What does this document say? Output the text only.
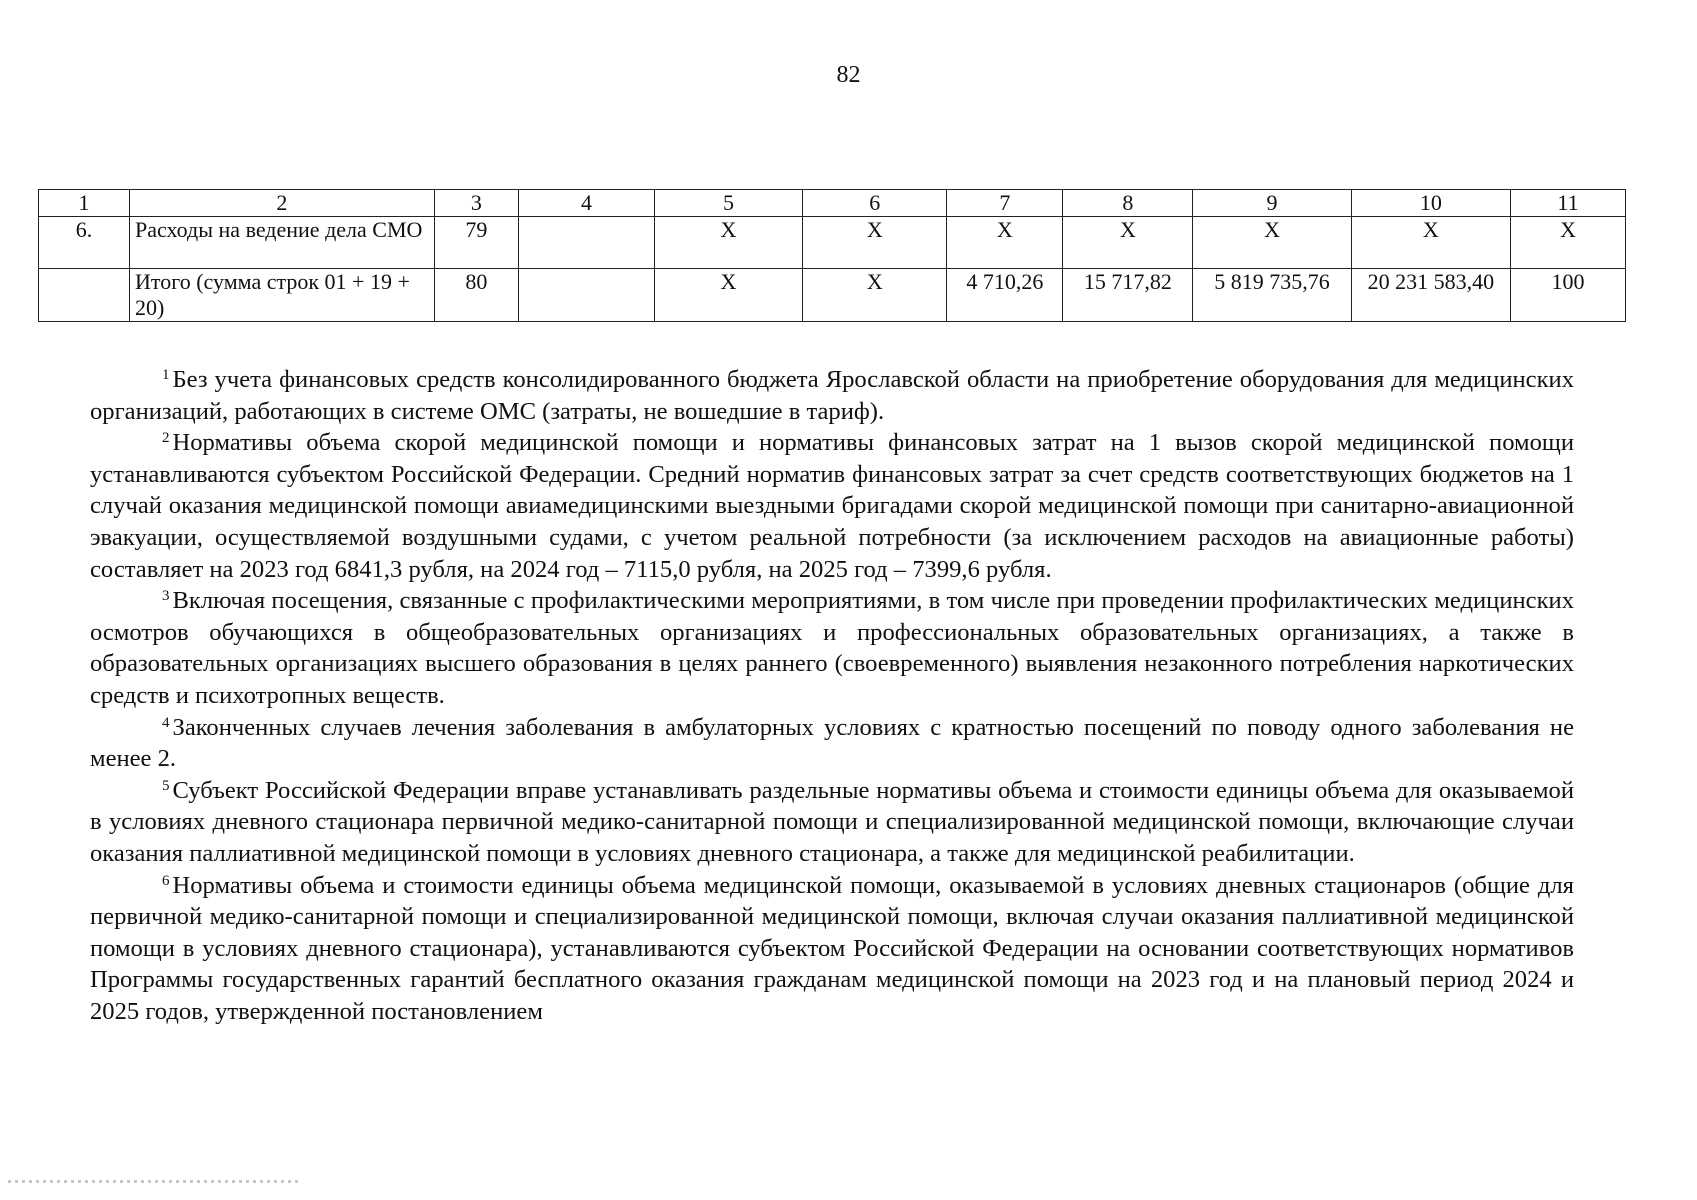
82
1	2	3	4	5	6	7	8	9	10	11
6.	Расходы на ведение дела СМО	79		Х	Х	Х	Х	Х	Х	Х
	Итого (сумма строк 01 + 19 + 20)	80		Х	Х	4 710,26	15 717,82	5 819 735,76	20 231 583,40	100

$^1$ Без учета финансовых средств консолидированного бюджета Ярославской области на приобретение оборудования для медицинских организаций, работающих в системе ОМС (затраты, не вошедшие в тариф).

$^2$ Нормативы объема скорой медицинской помощи и нормативы финансовых затрат на 1 вызов скорой медицинской помощи устанавливаются субъектом Российской Федерации. Средний норматив финансовых затрат за счет средств соответствующих бюджетов на 1 случай оказания медицинской помощи авиамедицинскими выездными бригадами скорой медицинской помощи при санитарно-авиационной эвакуации, осуществляемой воздушными судами, с учетом реальной потребности (за исключением расходов на авиационные работы) составляет на 2023 год 6841,3 рубля, на 2024 год – 7115,0 рубля, на 2025 год – 7399,6 рубля.

$^3$ Включая посещения, связанные с профилактическими мероприятиями, в том числе при проведении профилактических медицинских осмотров обучающихся в общеобразовательных организациях и профессиональных образовательных организациях, а также в образовательных организациях высшего образования в целях раннего (своевременного) выявления незаконного потребления наркотических средств и психотропных веществ.

$^4$ Законченных случаев лечения заболевания в амбулаторных условиях с кратностью посещений по поводу одного заболевания не менее 2.

$^5$ Субъект Российской Федерации вправе устанавливать раздельные нормативы объема и стоимости единицы объема для оказываемой в условиях дневного стационара первичной медико-санитарной помощи и специализированной медицинской помощи, включающие случаи оказания паллиативной медицинской помощи в условиях дневного стационара, а также для медицинской реабилитации.

$^6$ Нормативы объема и стоимости единицы объема медицинской помощи, оказываемой в условиях дневных стационаров (общие для первичной медико-санитарной помощи и специализированной медицинской помощи, включая случаи оказания паллиативной медицинской помощи в условиях дневного стационара), устанавливаются субъектом Российской Федерации на основании соответствующих нормативов Программы государственных гарантий бесплатного оказания гражданам медицинской помощи на 2023 год и на плановый период 2024 и 2025 годов, утвержденной постановлением
